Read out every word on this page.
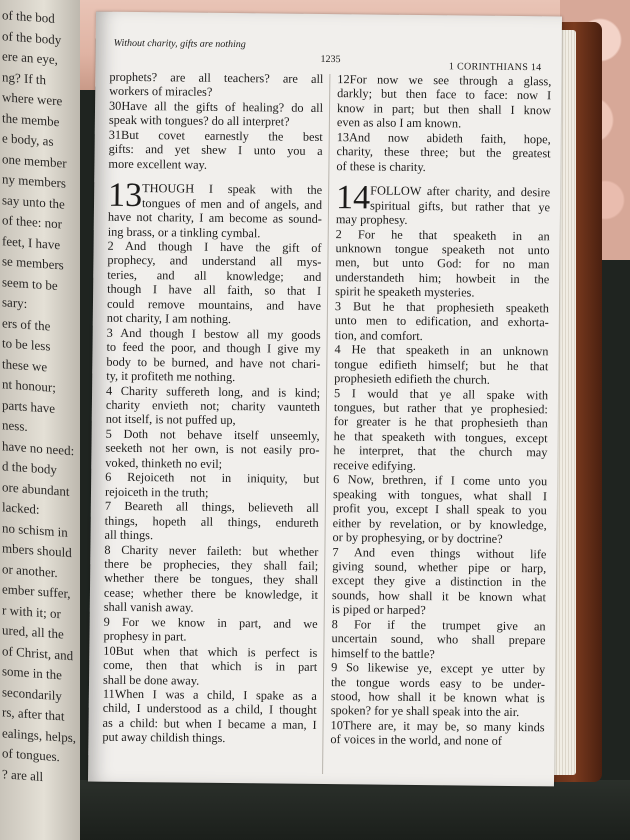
of the bod
of the body
ere an eye,
ng? If th
where were
the membe
e body, as
one member
ny members
say unto the
of thee: nor
feet, I have
se members
seem to be
sary:
ers of the
to be less
these we
nt honour;
parts have
ness.
have no need:
d the body
ore abundant
lacked:
no schism in
mbers should
or another.
ember suffer,
r with it; or
ured, all the
of Christ, and
some in the
secondarily
rs, after that
ealings, helps,
of tongues.
? are all
Without charity, gifts are nothing
1235
1 CORINTHIANS 14
prophets? are all teachers? are all
workers of miracles?
30Have all the gifts of healing? do all
speak with tongues? do all interpret?
31But covet earnestly the best
gifts: and yet shew I unto you a
more excellent way.
13 THOUGH I speak with the
tongues of men and of angels, and
have not charity, I am become as sound-
ing brass, or a tinkling cymbal.
2 And though I have the gift of
prophecy, and understand all mys-
teries, and all knowledge; and
though I have all faith, so that I
could remove mountains, and have
not charity, I am nothing.
3 And though I bestow all my goods
to feed the poor, and though I give my
body to be burned, and have not chari-
ty, it profiteth me nothing.
4 Charity suffereth long, and is kind;
charity envieth not; charity vaunteth
not itself, is not puffed up,
5 Doth not behave itself unseemly,
seeketh not her own, is not easily pro-
voked, thinketh no evil;
6 Rejoiceth not in iniquity, but
rejoiceth in the truth;
7 Beareth all things, believeth all
things, hopeth all things, endureth
all things.
8 Charity never faileth: but whether
there be prophecies, they shall fail;
whether there be tongues, they shall
cease; whether there be knowledge, it
shall vanish away.
9 For we know in part, and we
prophesy in part.
10But when that which is perfect is
come, then that which is in part
shall be done away.
11When I was a child, I spake as a
child, I understood as a child, I thought
as a child: but when I became a man, I
put away childish things.
12For now we see through a glass,
darkly; but then face to face: now I
know in part; but then shall I know
even as also I am known.
13And now abideth faith, hope,
charity, these three; but the greatest
of these is charity.
14 FOLLOW after charity, and desire
spiritual gifts, but rather that ye
may prophesy.
2 For he that speaketh in an
unknown tongue speaketh not unto
men, but unto God: for no man
understandeth him; howbeit in the
spirit he speaketh mysteries.
3 But he that prophesieth speaketh
unto men to edification, and exhorta-
tion, and comfort.
4 He that speaketh in an unknown
tongue edifieth himself; but he that
prophesieth edifieth the church.
5 I would that ye all spake with
tongues, but rather that ye prophesied:
for greater is he that prophesieth than
he that speaketh with tongues, except
he interpret, that the church may
receive edifying.
6 Now, brethren, if I come unto you
speaking with tongues, what shall I
profit you, except I shall speak to you
either by revelation, or by knowledge,
or by prophesying, or by doctrine?
7 And even things without life
giving sound, whether pipe or harp,
except they give a distinction in the
sounds, how shall it be known what
is piped or harped?
8 For if the trumpet give an
uncertain sound, who shall prepare
himself to the battle?
9 So likewise ye, except ye utter by
the tongue words easy to be under-
stood, how shall it be known what is
spoken? for ye shall speak into the air.
10There are, it may be, so many kinds
of voices in the world, and none of
